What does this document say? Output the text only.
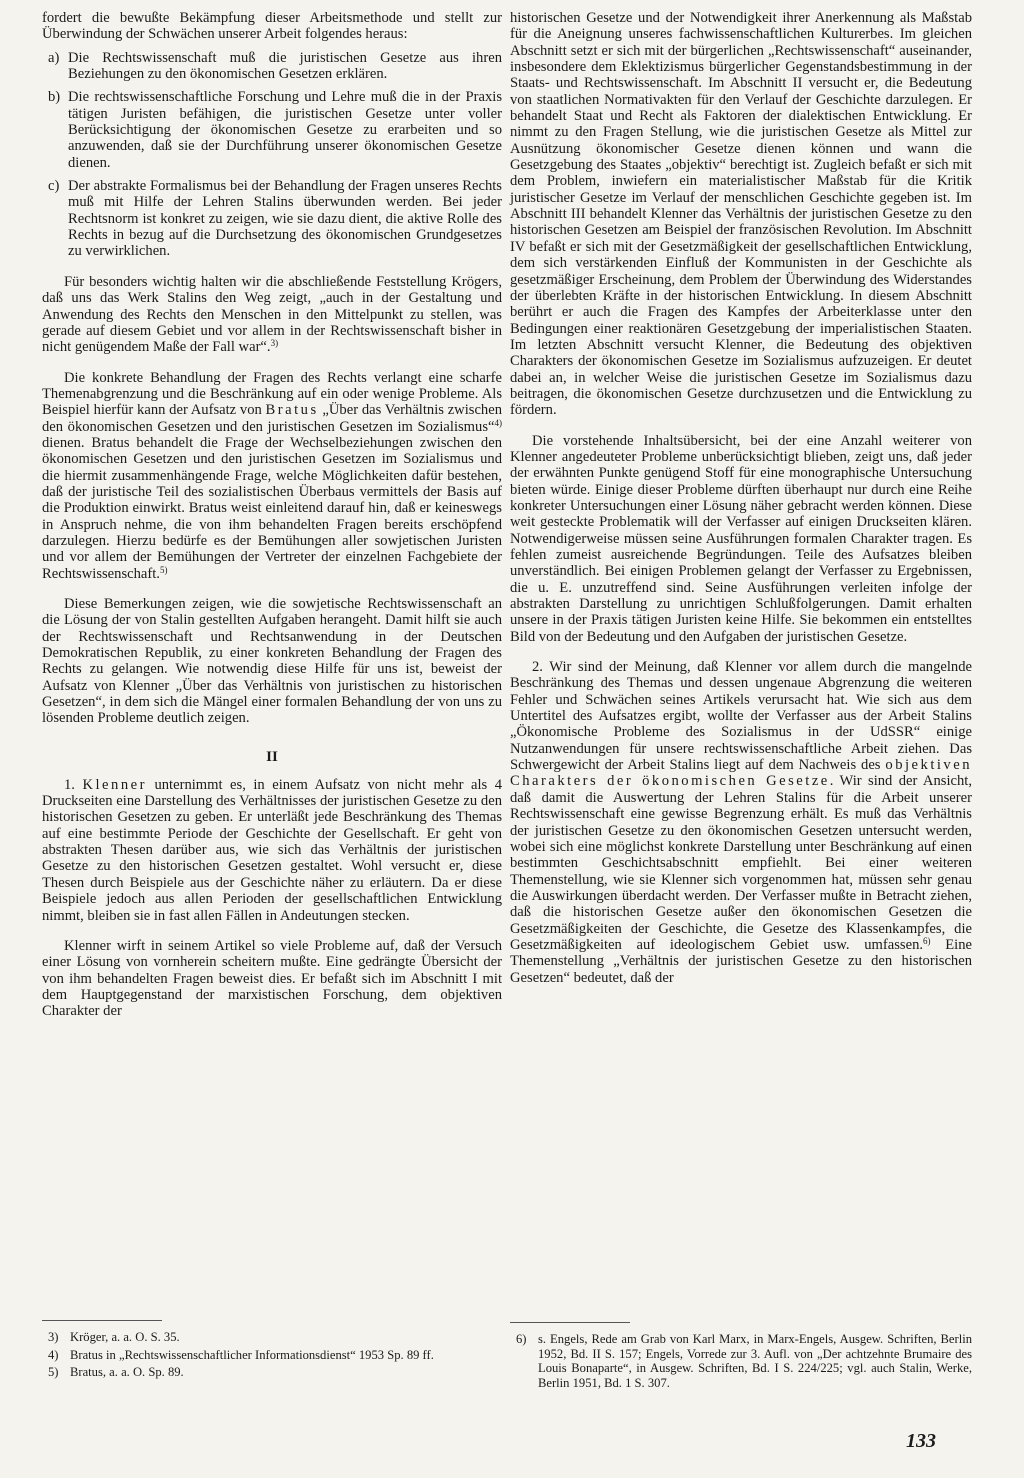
fordert die bewußte Bekämpfung dieser Arbeitsmethode und stellt zur Überwindung der Schwächen unserer Arbeit folgendes heraus:

a) Die Rechtswissenschaft muß die juristischen Gesetze aus ihren Beziehungen zu den ökonomischen Gesetzen erklären.

b) Die rechtswissenschaftliche Forschung und Lehre muß die in der Praxis tätigen Juristen befähigen, die juristischen Gesetze unter voller Berücksichtigung der ökonomischen Gesetze zu erarbeiten und so anzuwenden, daß sie der Durchführung unserer ökonomischen Gesetze dienen.

c) Der abstrakte Formalismus bei der Behandlung der Fragen unseres Rechts muß mit Hilfe der Lehren Stalins überwunden werden. Bei jeder Rechtsnorm ist konkret zu zeigen, wie sie dazu dient, die aktive Rolle des Rechts in bezug auf die Durchsetzung des ökonomischen Grundgesetzes zu verwirklichen.

Für besonders wichtig halten wir die abschließende Feststellung Krögers, daß uns das Werk Stalins den Weg zeigt, „auch in der Gestaltung und Anwendung des Rechts den Menschen in den Mittelpunkt zu stellen, was gerade auf diesem Gebiet und vor allem in der Rechtswissenschaft bisher in nicht genügendem Maße der Fall war“.$^{3)}$

Die konkrete Behandlung der Fragen des Rechts verlangt eine scharfe Themenabgrenzung und die Beschränkung auf ein oder wenige Probleme. Als Beispiel hierfür kann der Aufsatz von Bratus „Über das Verhältnis zwischen den ökonomischen Gesetzen und den juristischen Gesetzen im Sozialismus“$^{4)}$ dienen. Bratus behandelt die Frage der Wechselbeziehungen zwischen den ökonomischen Gesetzen und den juristischen Gesetzen im Sozialismus und die hiermit zusammenhängende Frage, welche Möglichkeiten dafür bestehen, daß der juristische Teil des sozialistischen Überbaus vermittels der Basis auf die Produktion einwirkt. Bratus weist einleitend darauf hin, daß er keineswegs in Anspruch nehme, die von ihm behandelten Fragen bereits erschöpfend darzulegen. Hierzu bedürfe es der Bemühungen aller sowjetischen Juristen und vor allem der Bemühungen der Vertreter der einzelnen Fachgebiete der Rechtswissenschaft.$^{5)}$

Diese Bemerkungen zeigen, wie die sowjetische Rechtswissenschaft an die Lösung der von Stalin gestellten Aufgaben herangeht. Damit hilft sie auch der Rechtswissenschaft und Rechtsanwendung in der Deutschen Demokratischen Republik, zu einer konkreten Behandlung der Fragen des Rechts zu gelangen. Wie notwendig diese Hilfe für uns ist, beweist der Aufsatz von Klenner „Über das Verhältnis von juristischen zu historischen Gesetzen“, in dem sich die Mängel einer formalen Behandlung der von uns zu lösenden Probleme deutlich zeigen.

II

1. Klenner unternimmt es, in einem Aufsatz von nicht mehr als 4 Druckseiten eine Darstellung des Verhältnisses der juristischen Gesetze zu den historischen Gesetzen zu geben. Er unterläßt jede Beschränkung des Themas auf eine bestimmte Periode der Geschichte der Gesellschaft. Er geht von abstrakten Thesen darüber aus, wie sich das Verhältnis der juristischen Gesetze zu den historischen Gesetzen gestaltet. Wohl versucht er, diese Thesen durch Beispiele aus der Geschichte näher zu erläutern. Da er diese Beispiele jedoch aus allen Perioden der gesellschaftlichen Entwicklung nimmt, bleiben sie in fast allen Fällen in Andeutungen stecken.

Klenner wirft in seinem Artikel so viele Probleme auf, daß der Versuch einer Lösung von vornherein scheitern mußte. Eine gedrängte Übersicht der von ihm behandelten Fragen beweist dies. Er befaßt sich im Abschnitt I mit dem Hauptgegenstand der marxistischen Forschung, dem objektiven Charakter der

historischen Gesetze und der Notwendigkeit ihrer Anerkennung als Maßstab für die Aneignung unseres fachwissenschaftlichen Kulturerbes. Im gleichen Abschnitt setzt er sich mit der bürgerlichen „Rechtswissenschaft“ auseinander, insbesondere dem Eklektizismus bürgerlicher Gegenstandsbestimmung in der Staats- und Rechtswissenschaft. Im Abschnitt II versucht er, die Bedeutung von staatlichen Normativakten für den Verlauf der Geschichte darzulegen. Er behandelt Staat und Recht als Faktoren der dialektischen Entwicklung. Er nimmt zu den Fragen Stellung, wie die juristischen Gesetze als Mittel zur Ausnützung ökonomischer Gesetze dienen können und wann die Gesetzgebung des Staates „objektiv“ berechtigt ist. Zugleich befaßt er sich mit dem Problem, inwiefern ein materialistischer Maßstab für die Kritik juristischer Gesetze im Verlauf der menschlichen Geschichte gegeben ist. Im Abschnitt III behandelt Klenner das Verhältnis der juristischen Gesetze zu den historischen Gesetzen am Beispiel der französischen Revolution. Im Abschnitt IV befaßt er sich mit der Gesetzmäßigkeit der gesellschaftlichen Entwicklung, dem sich verstärkenden Einfluß der Kommunisten in der Geschichte als gesetzmäßiger Erscheinung, dem Problem der Überwindung des Widerstandes der überlebten Kräfte in der historischen Entwicklung. In diesem Abschnitt berührt er auch die Fragen des Kampfes der Arbeiterklasse unter den Bedingungen einer reaktionären Gesetzgebung der imperialistischen Staaten. Im letzten Abschnitt versucht Klenner, die Bedeutung des objektiven Charakters der ökonomischen Gesetze im Sozialismus aufzuzeigen. Er deutet dabei an, in welcher Weise die juristischen Gesetze im Sozialismus dazu beitragen, die ökonomischen Gesetze durchzusetzen und die Entwicklung zu fördern.

Die vorstehende Inhaltsübersicht, bei der eine Anzahl weiterer von Klenner angedeuteter Probleme unberücksichtigt blieben, zeigt uns, daß jeder der erwähnten Punkte genügend Stoff für eine monographische Untersuchung bieten würde. Einige dieser Probleme dürften überhaupt nur durch eine Reihe konkreter Untersuchungen einer Lösung näher gebracht werden können. Diese weit gesteckte Problematik will der Verfasser auf einigen Druckseiten klären. Notwendigerweise müssen seine Ausführungen formalen Charakter tragen. Es fehlen zumeist ausreichende Begründungen. Teile des Aufsatzes bleiben unverständlich. Bei einigen Problemen gelangt der Verfasser zu Ergebnissen, die u. E. unzutreffend sind. Seine Ausführungen verleiten infolge der abstrakten Darstellung zu unrichtigen Schlußfolgerungen. Damit erhalten unsere in der Praxis tätigen Juristen keine Hilfe. Sie bekommen ein entstelltes Bild von der Bedeutung und den Aufgaben der juristischen Gesetze.

2. Wir sind der Meinung, daß Klenner vor allem durch die mangelnde Beschränkung des Themas und dessen ungenaue Abgrenzung die weiteren Fehler und Schwächen seines Artikels verursacht hat. Wie sich aus dem Untertitel des Aufsatzes ergibt, wollte der Verfasser aus der Arbeit Stalins „Ökonomische Probleme des Sozialismus in der UdSSR“ einige Nutzanwendungen für unsere rechtswissenschaftliche Arbeit ziehen. Das Schwergewicht der Arbeit Stalins liegt auf dem Nachweis des objektiven Charakters der ökonomischen Gesetze. Wir sind der Ansicht, daß damit die Auswertung der Lehren Stalins für die Arbeit unserer Rechtswissenschaft eine gewisse Begrenzung erhält. Es muß das Verhältnis der juristischen Gesetze zu den ökonomischen Gesetzen untersucht werden, wobei sich eine möglichst konkrete Darstellung unter Beschränkung auf einen bestimmten Geschichtsabschnitt empfiehlt. Bei einer weiteren Themenstellung, wie sie Klenner sich vorgenommen hat, müssen sehr genau die Auswirkungen überdacht werden. Der Verfasser mußte in Betracht ziehen, daß die historischen Gesetze außer den ökonomischen Gesetzen die Gesetzmäßigkeiten der Geschichte, die Gesetze des Klassenkampfes, die Gesetzmäßigkeiten auf ideologischem Gebiet usw. umfassen.$^{6)}$ Eine Themenstellung „Verhältnis der juristischen Gesetze zu den historischen Gesetzen“ bedeutet, daß der

3) Kröger, a. a. O. S. 35.

4) Bratus in „Rechtswissenschaftlicher Informationsdienst“ 1953 Sp. 89 ff.

5) Bratus, a. a. O. Sp. 89.

6) s. Engels, Rede am Grab von Karl Marx, in Marx-Engels, Ausgew. Schriften, Berlin 1952, Bd. II S. 157; Engels, Vorrede zur 3. Aufl. von „Der achtzehnte Brumaire des Louis Bonaparte“, in Ausgew. Schriften, Bd. I S. 224/225; vgl. auch Stalin, Werke, Berlin 1951, Bd. 1 S. 307.

133
